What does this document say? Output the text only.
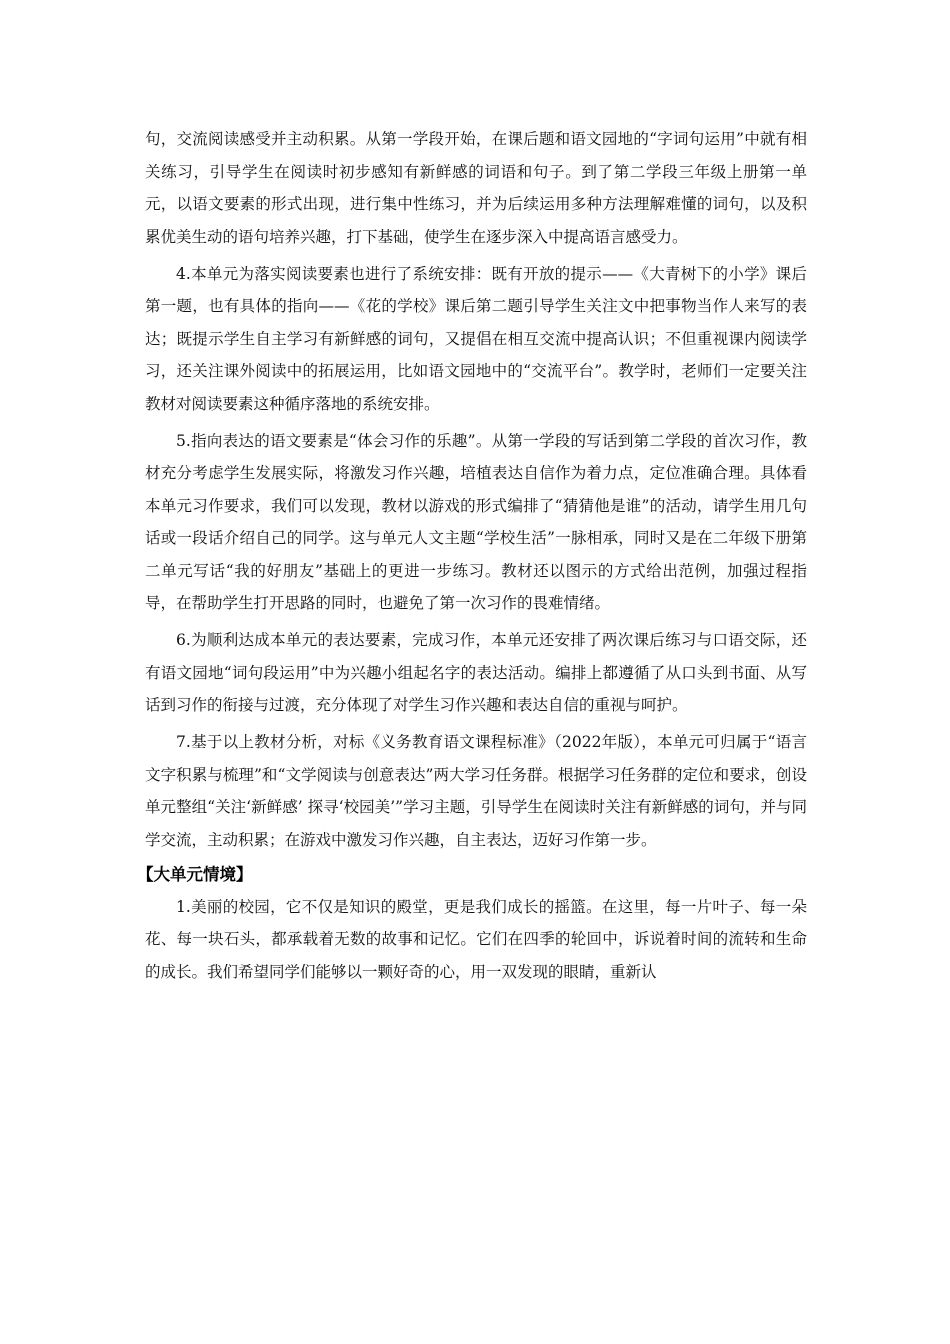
句，交流阅读感受并主动积累。从第一学段开始，在课后题和语文园地的“字词句运用”中就有相关练习，引导学生在阅读时初步感知有新鲜感的词语和句子。到了第二学段三年级上册第一单元，以语文要素的形式出现，进行集中性练习，并为后续运用多种方法理解难懂的词句，以及积累优美生动的语句培养兴趣，打下基础，使学生在逐步深入中提高语言感受力。

4.本单元为落实阅读要素也进行了系统安排：既有开放的提示——《大青树下的小学》课后第一题，也有具体的指向——《花的学校》课后第二题引导学生关注文中把事物当作人来写的表达；既提示学生自主学习有新鲜感的词句，又提倡在相互交流中提高认识；不但重视课内阅读学习，还关注课外阅读中的拓展运用，比如语文园地中的“交流平台”。教学时，老师们一定要关注教材对阅读要素这种循序落地的系统安排。

5.指向表达的语文要素是“体会习作的乐趣”。从第一学段的写话到第二学段的首次习作，教材充分考虑学生发展实际，将激发习作兴趣，培植表达自信作为着力点，定位准确合理。具体看本单元习作要求，我们可以发现，教材以游戏的形式编排了“猜猜他是谁”的活动，请学生用几句话或一段话介绍自己的同学。这与单元人文主题“学校生活”一脉相承，同时又是在二年级下册第二单元写话“我的好朋友”基础上的更进一步练习。教材还以图示的方式给出范例，加强过程指导，在帮助学生打开思路的同时，也避免了第一次习作的畏难情绪。

6.为顺利达成本单元的表达要素，完成习作，本单元还安排了两次课后练习与口语交际，还有语文园地“词句段运用”中为兴趣小组起名字的表达活动。编排上都遵循了从口头到书面、从写话到习作的衔接与过渡，充分体现了对学生习作兴趣和表达自信的重视与呵护。

7.基于以上教材分析，对标《义务教育语文课程标准》（2022年版），本单元可归属于“语言文字积累与梳理”和“文学阅读与创意表达”两大学习任务群。根据学习任务群的定位和要求，创设单元整组“关注‘新鲜感’ 探寻‘校园美’”学习主题，引导学生在阅读时关注有新鲜感的词句，并与同学交流，主动积累；在游戏中激发习作兴趣，自主表达，迈好习作第一步。

【大单元情境】

1.美丽的校园，它不仅是知识的殿堂，更是我们成长的摇篮。在这里，每一片叶子、每一朵花、每一块石头，都承载着无数的故事和记忆。它们在四季的轮回中，诉说着时间的流转和生命的成长。我们希望同学们能够以一颗好奇的心，用一双发现的眼睛，重新认
